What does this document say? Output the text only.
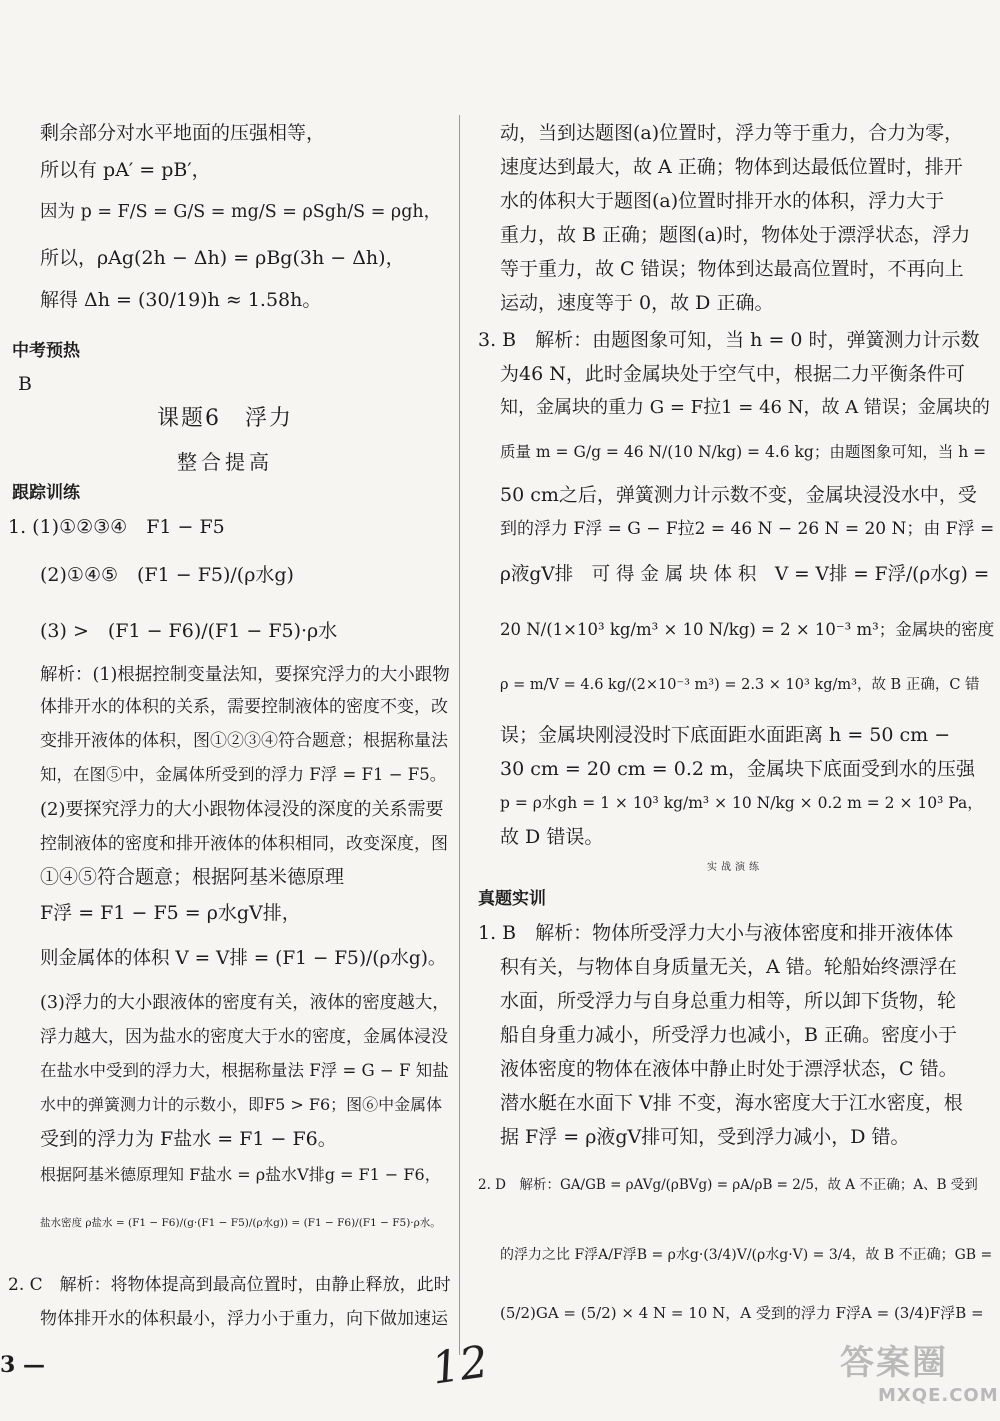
中考预热
B
课题6　浮力
整合提高
跟踪训练
实战演练
真题实训
3 —	12	答案圈
MXQE.COM
剩余部分对水平地面的压强相等，
所以有 pA′ = pB′，
因为 p = F/S = G/S = mg/S = ρSgh/S = ρgh，
所以，ρAg(2h − Δh) = ρBg(3h − Δh)，
解得 Δh = (30/19)h ≈ 1.58h。
1. (1)①②③④　F1 − F5
(2)①④⑤　(F1 − F5)/(ρ水g)
(3) >　(F1 − F6)/(F1 − F5)·ρ水
解析：(1)根据控制变量法知，要探究浮力的大小跟物
体排开水的体积的关系，需要控制液体的密度不变，改
变排开液体的体积，图①②③④符合题意；根据称量法
知，在图⑤中，金属体所受到的浮力 F浮 = F1 − F5。
(2)要探究浮力的大小跟物体浸没的深度的关系需要
控制液体的密度和排开液体的体积相同，改变深度，图
①④⑤符合题意；根据阿基米德原理
F浮 = F1 − F5 = ρ水gV排，
则金属体的体积 V = V排 = (F1 − F5)/(ρ水g)。
(3)浮力的大小跟液体的密度有关，液体的密度越大，
浮力越大，因为盐水的密度大于水的密度，金属体浸没
在盐水中受到的浮力大，根据称量法 F浮 = G − F 知盐
水中的弹簧测力计的示数小，即F5 > F6；图⑥中金属体
受到的浮力为 F盐水 = F1 − F6。
根据阿基米德原理知 F盐水 = ρ盐水V排g = F1 − F6，
盐水密度 ρ盐水 = (F1 − F6)/(g·(F1 − F5)/(ρ水g)) = (F1 − F6)/(F1 − F5)·ρ水。
2. C　解析：将物体提高到最高位置时，由静止释放，此时
物体排开水的体积最小，浮力小于重力，向下做加速运
动，当到达题图(a)位置时，浮力等于重力，合力为零，
速度达到最大，故 A 正确；物体到达最低位置时，排开
水的体积大于题图(a)位置时排开水的体积，浮力大于
重力，故 B 正确；题图(a)时，物体处于漂浮状态，浮力
等于重力，故 C 错误；物体到达最高位置时，不再向上
运动，速度等于 0，故 D 正确。
3. B　解析：由题图象可知，当 h = 0 时，弹簧测力计示数
为46 N，此时金属块处于空气中，根据二力平衡条件可
知，金属块的重力 G = F拉1 = 46 N，故 A 错误；金属块的
质量 m = G/g = 46 N/(10 N/kg) = 4.6 kg；由题图象可知，当 h =
50 cm之后，弹簧测力计示数不变，金属块浸没水中，受
到的浮力 F浮 = G − F拉2 = 46 N − 26 N = 20 N；由 F浮 =
ρ液gV排　可 得 金 属 块 体 积　V = V排 = F浮/(ρ水g) =
20 N/(1×10³ kg/m³ × 10 N/kg) = 2 × 10⁻³ m³；金属块的密度
ρ = m/V = 4.6 kg/(2×10⁻³ m³) = 2.3 × 10³ kg/m³，故 B 正确，C 错
误；金属块刚浸没时下底面距水面距离 h = 50 cm −
30 cm = 20 cm = 0.2 m，金属块下底面受到水的压强
p = ρ水gh = 1 × 10³ kg/m³ × 10 N/kg × 0.2 m = 2 × 10³ Pa，
故 D 错误。
1. B　解析：物体所受浮力大小与液体密度和排开液体体
积有关，与物体自身质量无关，A 错。轮船始终漂浮在
水面，所受浮力与自身总重力相等，所以卸下货物，轮
船自身重力减小，所受浮力也减小，B 正确。密度小于
液体密度的物体在液体中静止时处于漂浮状态，C 错。
潜水艇在水面下 V排 不变，海水密度大于江水密度，根
据 F浮 = ρ液gV排可知，受到浮力减小，D 错。
2. D　解析：GA/GB = ρAVg/(ρBVg) = ρA/ρB = 2/5，故 A 不正确；A、B 受到
的浮力之比 F浮A/F浮B = ρ水g·(3/4)V/(ρ水g·V) = 3/4，故 B 不正确；GB =
(5/2)GA = (5/2) × 4 N = 10 N，A 受到的浮力 F浮A = (3/4)F浮B =
